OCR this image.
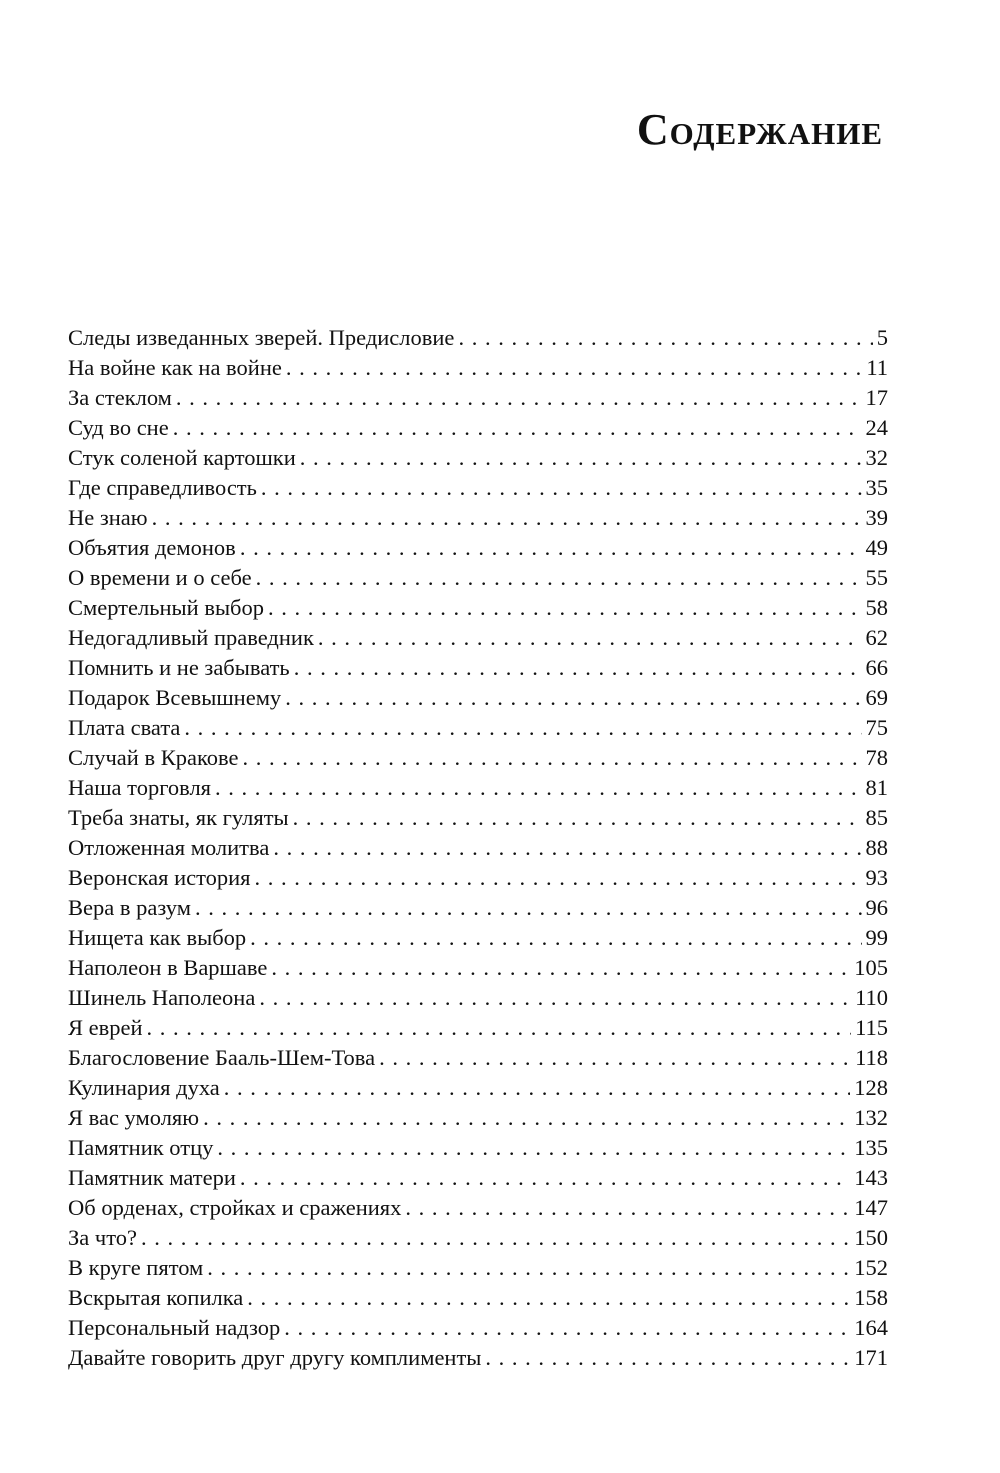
Содержание
Следы изведанных зверей. Предисловие . . .	5
На войне как на войне . . .	11
За стеклом . . .	17
Суд во сне . . .	24
Стук соленой картошки . . .	32
Где справедливость . . .	35
Не знаю . . .	39
Объятия демонов . . .	49
О времени и о себе . . .	55
Смертельный выбор . . .	58
Недогадливый праведник . . .	62
Помнить и не забывать . . .	66
Подарок Всевышнему . . .	69
Плата свата . . .	75
Случай в Кракове . . .	78
Наша торговля . . .	81
Треба знаты, як гуляты . . .	85
Отложенная молитва . . .	88
Веронская история . . .	93
Вера в разум . . .	96
Нищета как выбор . . .	99
Наполеон в Варшаве . . .	105
Шинель Наполеона . . .	110
Я еврей . . .	115
Благословение Бааль-Шем-Това . . .	118
Кулинария духа . . .	128
Я вас умоляю . . .	132
Памятник отцу . . .	135
Памятник матери . . .	143
Об орденах, стройках и сражениях . . .	147
За что? . . .	150
В круге пятом . . .	152
Вскрытая копилка . . .	158
Персональный надзор . . .	164
Давайте говорить друг другу комплименты . . .	171
